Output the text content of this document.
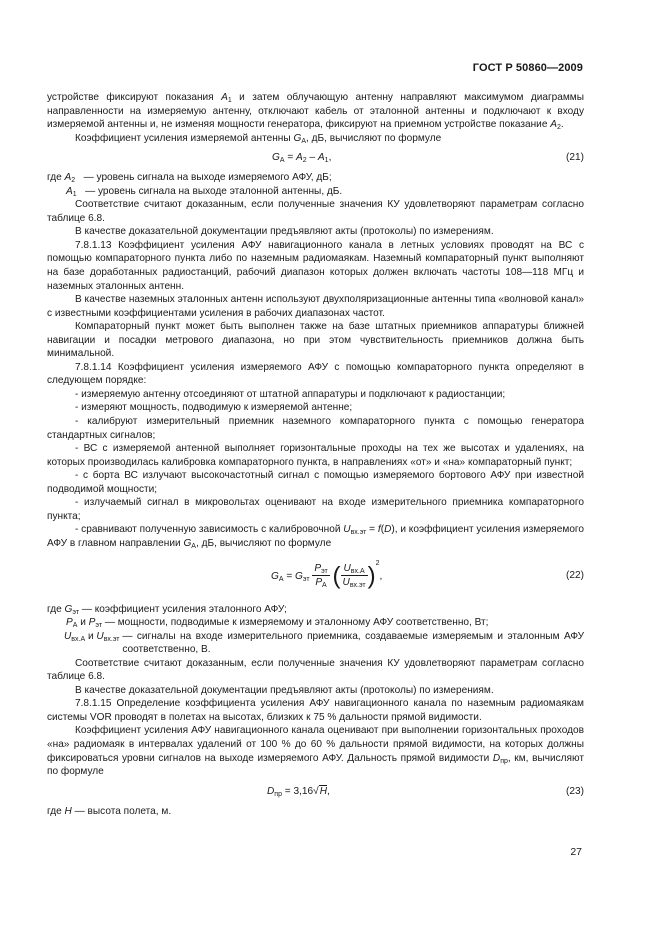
ГОСТ Р 50860—2009

устройстве фиксируют показания $A_1$ и затем облучающую антенну направляют максимумом диаграммы направленности на измеряемую антенну, отключают кабель от эталонной антенны и подключают к входу измеряемой антенны и, не изменяя мощности генератора, фиксируют на приемном устройстве показание $A_2$.

Коэффициент усиления измеряемой антенны $G_A$, дБ, вычисляют по формуле

$G_A = A_2 - A_1$,	(21)
где $A_2$ — уровень сигнала на выходе измеряемого АФУ, дБ;
$A_1$ — уровень сигнала на выходе эталонной антенны, дБ.

Соответствие считают доказанным, если полученные значения КУ удовлетворяют параметрам согласно таблице 6.8.

В качестве доказательной документации предъявляют акты (протоколы) по измерениям.

7.8.1.13 Коэффициент усиления АФУ навигационного канала в летных условиях проводят на ВС с помощью компараторного пункта либо по наземным радиомаякам. Наземный компараторный пункт выполняют на базе доработанных радиостанций, рабочий диапазон которых должен включать частоты 108—118 МГц и наземных эталонных антенн.

В качестве наземных эталонных антенн используют двухполяризационные антенны типа «волновой канал» с известными коэффициентами усиления в рабочих диапазонах частот.

Компараторный пункт может быть выполнен также на базе штатных приемников аппаратуры ближней навигации и посадки метрового диапазона, но при этом чувствительность приемников должна быть минимальной.

7.8.1.14 Коэффициент усиления измеряемого АФУ с помощью компараторного пункта определяют в следующем порядке:

- измеряемую антенну отсоединяют от штатной аппаратуры и подключают к радиостанции;

- измеряют мощность, подводимую к измеряемой антенне;

- калибруют измерительный приемник наземного компараторного пункта с помощью генератора стандартных сигналов;

- ВС с измеряемой антенной выполняет горизонтальные проходы на тех же высотах и удалениях, на которых производилась калибровка компараторного пункта, в направлениях «от» и «на» компараторный пункт;

- с борта ВС излучают высокочастотный сигнал с помощью измеряемого бортового АФУ при известной подводимой мощности;

- излучаемый сигнал в микровольтах оценивают на входе измерительного приемника компараторного пункта;

- сравнивают полученную зависимость с калибровочной $U_{вх.эт} = f(D)$, и коэффициент усиления измеряемого АФУ в главном направлении $G_A$, дБ, вычисляют по формуле

$G_A = G_{эт} \frac{P_{эт}}{P_A}$ ( $\frac{U_{вх.А}}{U_{вх.эт}} )^2$,	(22)
где $G_{эт}$ — коэффициент усиления эталонного АФУ;
$P_A$ и $P_{эт}$ — мощности, подводимые к измеряемому и эталонному АФУ соответственно, Вт;
$U_{вх.А}$ и $U_{вх.эт}$ — сигналы на входе измерительного приемника, создаваемые измеряемым и эталонным АФУ соответственно, В.

Соответствие считают доказанным, если полученные значения КУ удовлетворяют параметрам согласно таблице 6.8.

В качестве доказательной документации предъявляют акты (протоколы) по измерениям.

7.8.1.15 Определение коэффициента усиления АФУ навигационного канала по наземным радиомаякам системы VOR проводят в полетах на высотах, близких к 75 % дальности прямой видимости.

Коэффициент усиления АФУ навигационного канала оценивают при выполнении горизонтальных проходов «на» радиомаяк в интервалах удалений от 100 % до 60 % дальности прямой видимости, на которых должны фиксироваться уровни сигналов на выходе измеряемого АФУ. Дальность прямой видимости $D_{пр}$, км, вычисляют по формуле

$D_{пр} = 3,16√H$,	(23)

где H — высота полета, м.

27
